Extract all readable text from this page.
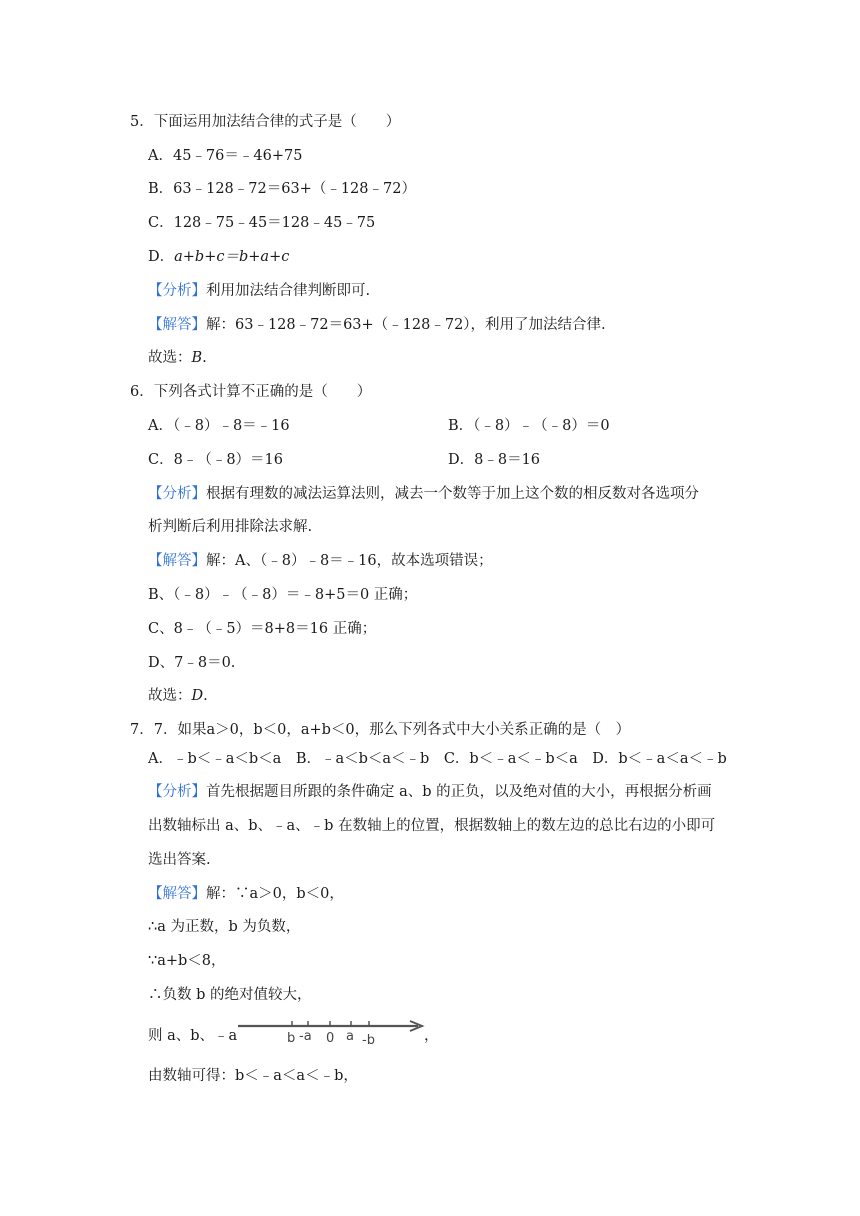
5．下面运用加法结合律的式子是（　　）
A．45﹣76＝﹣46+75
B．63﹣128﹣72＝63+（﹣128﹣72）
C．128﹣75﹣45＝128﹣45﹣75
D．a+b+c＝b+a+c
【分析】利用加法结合律判断即可.
【解答】解：63﹣128﹣72＝63+（﹣128﹣72），利用了加法结合律.
故选：B.
6．下列各式计算不正确的是（　　）
A．（﹣8）﹣8＝﹣16	B．（﹣8）﹣（﹣8）＝0
C．8﹣（﹣8）＝16	D．8﹣8＝16
【分析】根据有理数的减法运算法则，减去一个数等于加上这个数的相反数对各选项分
析判断后利用排除法求解.
【解答】解：A、（﹣8）﹣8＝﹣16，故本选项错误；
B、（﹣8）﹣（﹣8）＝﹣8+5＝0 正确；
C、8﹣（﹣5）＝8+8＝16 正确；
D、7﹣8＝0.
故选：D.
7．7．如果a＞0，b＜0，a+b＜0，那么下列各式中大小关系正确的是（　）
A．﹣b＜﹣a＜b＜a　B．﹣a＜b＜a＜﹣b　C．b＜﹣a＜﹣b＜a　D．b＜﹣a＜a＜﹣b
【分析】首先根据题目所跟的条件确定 a、b 的正负，以及绝对值的大小，再根据分析画
出数轴标出 a、b、﹣a、﹣b 在数轴上的位置，根据数轴上的数左边的总比右边的小即可
选出答案.
【解答】解：∵a＞0，b＜0，
∴a 为正数，b 为负数，
∵a+b＜8，
∴负数 b 的绝对值较大，
则 a、b、﹣a	b -a 0 a -b	，
由数轴可得：b＜﹣a＜a＜﹣b，
